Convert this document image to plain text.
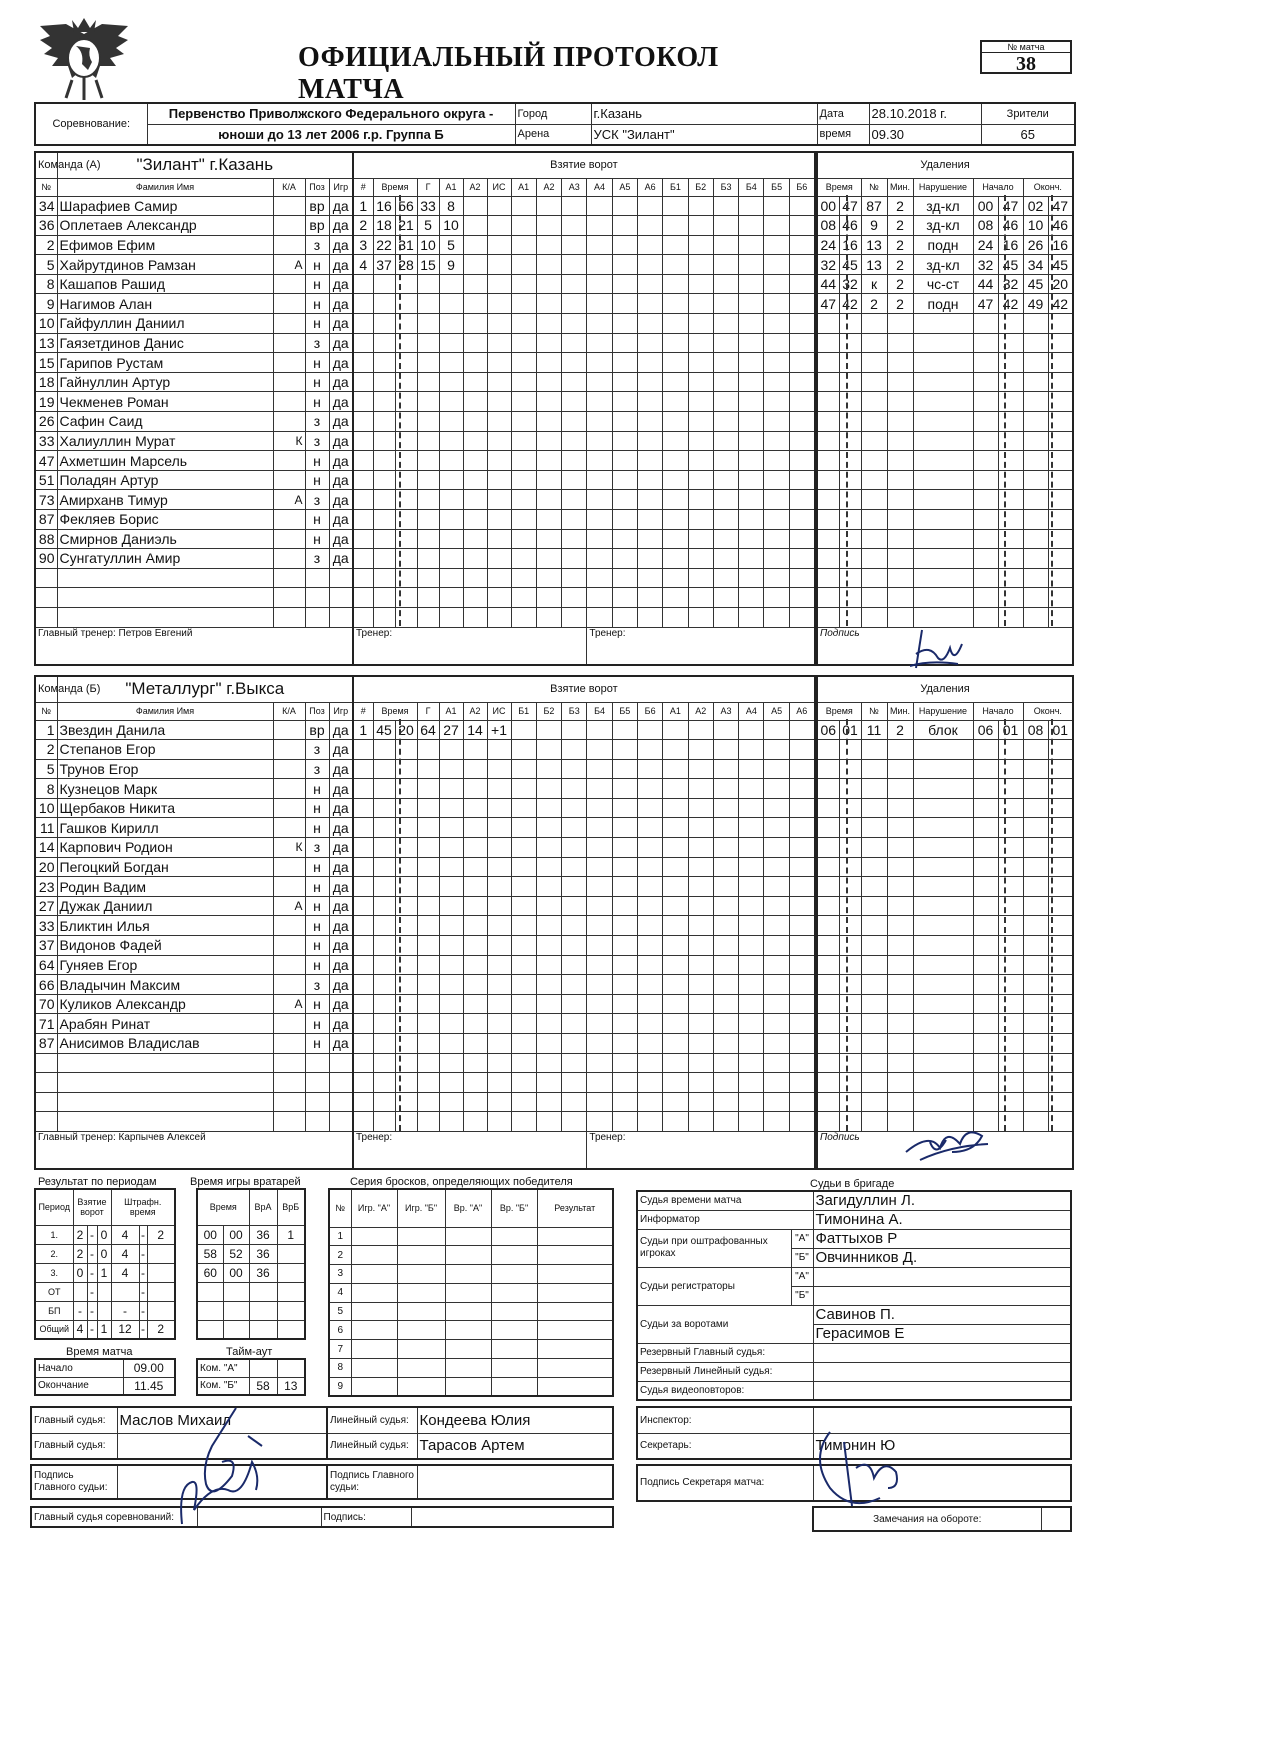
ОФИЦИАЛЬНЫЙ ПРОТОКОЛ МАТЧА
№ матча
38
Соревнование:	Первенство Приволжского Федерального округа -	Город	г.Казань	Дата	28.10.2018 г.	Зрители
	юноши до 13 лет 2006 г.р. Группа Б	Арена	УСК "Зилант"	время	09.30	65
Команда (А)	"Зилант" г.Казань			
№	Фамилия Имя	К/А	Поз	Игр
34	Шарафиев Самир		вр	да
36	Оплетаев Александр		вр	да
2	Ефимов Ефим		з	да
5	Хайрутдинов Рамзан	А	н	да
8	Кашапов Рашид		н	да
9	Нагимов Алан		н	да
10	Гайфуллин Даниил		н	да
13	Гаязетдинов Данис		з	да
15	Гарипов Рустам		н	да
18	Гайнуллин Артур		н	да
19	Чекменев Роман		н	да
26	Сафин Саид		з	да
33	Халиуллин Мурат	К	з	да
47	Ахметшин Марсель		н	да
51	Поладян Артур		н	да
73	Амирханв Тимур	А	з	да
87	Фекляев Борис		н	да
88	Смирнов Даниэль		н	да
90	Сунгатуллин Амир		з	да

Главный тренер: Петров Евгений				
Взятие ворот																		
#	Время		Г	А1	А2	ИС	А1	А2	А3	А4	А5	А6	Б1	Б2	Б3	Б4	Б5	Б6
1	16	56	33	8														
2	18	21	5	10														
3	22	31	10	5														
4	37	28	15	9														

Тренер:										Тренер:								
Удаления								
Время		№	Мин.	Нарушение	Начало		Оконч.	
00	47	87	2	зд-кл	00	47	02	47
08	46	9	2	зд-кл	08	46	10	46
24	16	13	2	подн	24	16	26	16
32	45	13	2	зд-кл	32	45	34	45
44	32	к	2	чс-ст	44	32	45	20
47	42	2	2	подн	47	42	49	42

Подпись								
Команда (Б)	"Металлург" г.Выкса			
№	Фамилия Имя	К/А	Поз	Игр
1	Звездин Данила		вр	да
2	Степанов Егор		з	да
5	Трунов Егор		з	да
8	Кузнецов Марк		н	да
10	Щербаков Никита		н	да
11	Гашков Кирилл		н	да
14	Карпович Родион	К	з	да
20	Пегоцкий Богдан		н	да
23	Родин Вадим		н	да
27	Дужак Даниил	А	н	да
33	Бликтин Илья		н	да
37	Видонов Фадей		н	да
64	Гуняев Егор		н	да
66	Владычин Максим		з	да
70	Куликов Александр	А	н	да
71	Арабян Ринат		н	да
87	Анисимов Владислав		н	да

Главный тренер: Карпычев Алексей				
Взятие ворот																		
#	Время		Г	А1	А2	ИС	Б1	Б2	Б3	Б4	Б5	Б6	А1	А2	А3	А4	А5	А6
1	45	20	64	27	14	+1												

Тренер:										Тренер:								
Удаления								
Время		№	Мин.	Нарушение	Начало		Оконч.	
06	01	11	2	блок	06	01	08	01

Подпись								
Результат по периодам
Период	Взятие ворот			Штрафн. время		
1.	2	-	0	4	-	2
2.	2	-	0	4	-	
3.	0	-	1	4	-	
ОТ		-			-	
БП	-	-		-	-	
Общий	4	-	1	12	-	2
Время игры вратарей
Время		ВрА	ВрБ
00	00	36	1
58	52	36	
60	00	36	

Время матча
Начало	09.00
Окончание	11.45
Тайм-аут
Ком. "А"		
Ком. "Б"	58	13
Серия бросков, определяющих победителя
№	Игр. "А"	Игр. "Б"	Вр. "А"	Вр. "Б"	Результат
1					
2					
3					
4					
5					
6					
7					
8					
9					
Судьи в бригаде
Судья времени матча		Загидуллин Л.
Информатор		Тимонина А.
Судьи при оштрафованных игроках	"А"	Фаттыхов Р
	"Б"	Овчинников Д.
Судьи регистраторы	"А"	
	"Б"	
Судьи за воротами		Савинов П.
		Герасимов Е
Резервный Главный судья:		
Резервный Линейный судья:		
Судья видеоповторов:		
Главный судья:	Маслов Михаил
Главный судья:	
Линейный судья:	Кондеева Юлия
Линейный судья:	Тарасов Артем
Подпись Главного судьи:	
Подпись Главного судьи:	
Главный судья соревнований:		Подпись:	
Инспектор:	
Секретарь:	Тимонин Ю
Подпись Секретаря матча:	
Замечания на обороте:	
